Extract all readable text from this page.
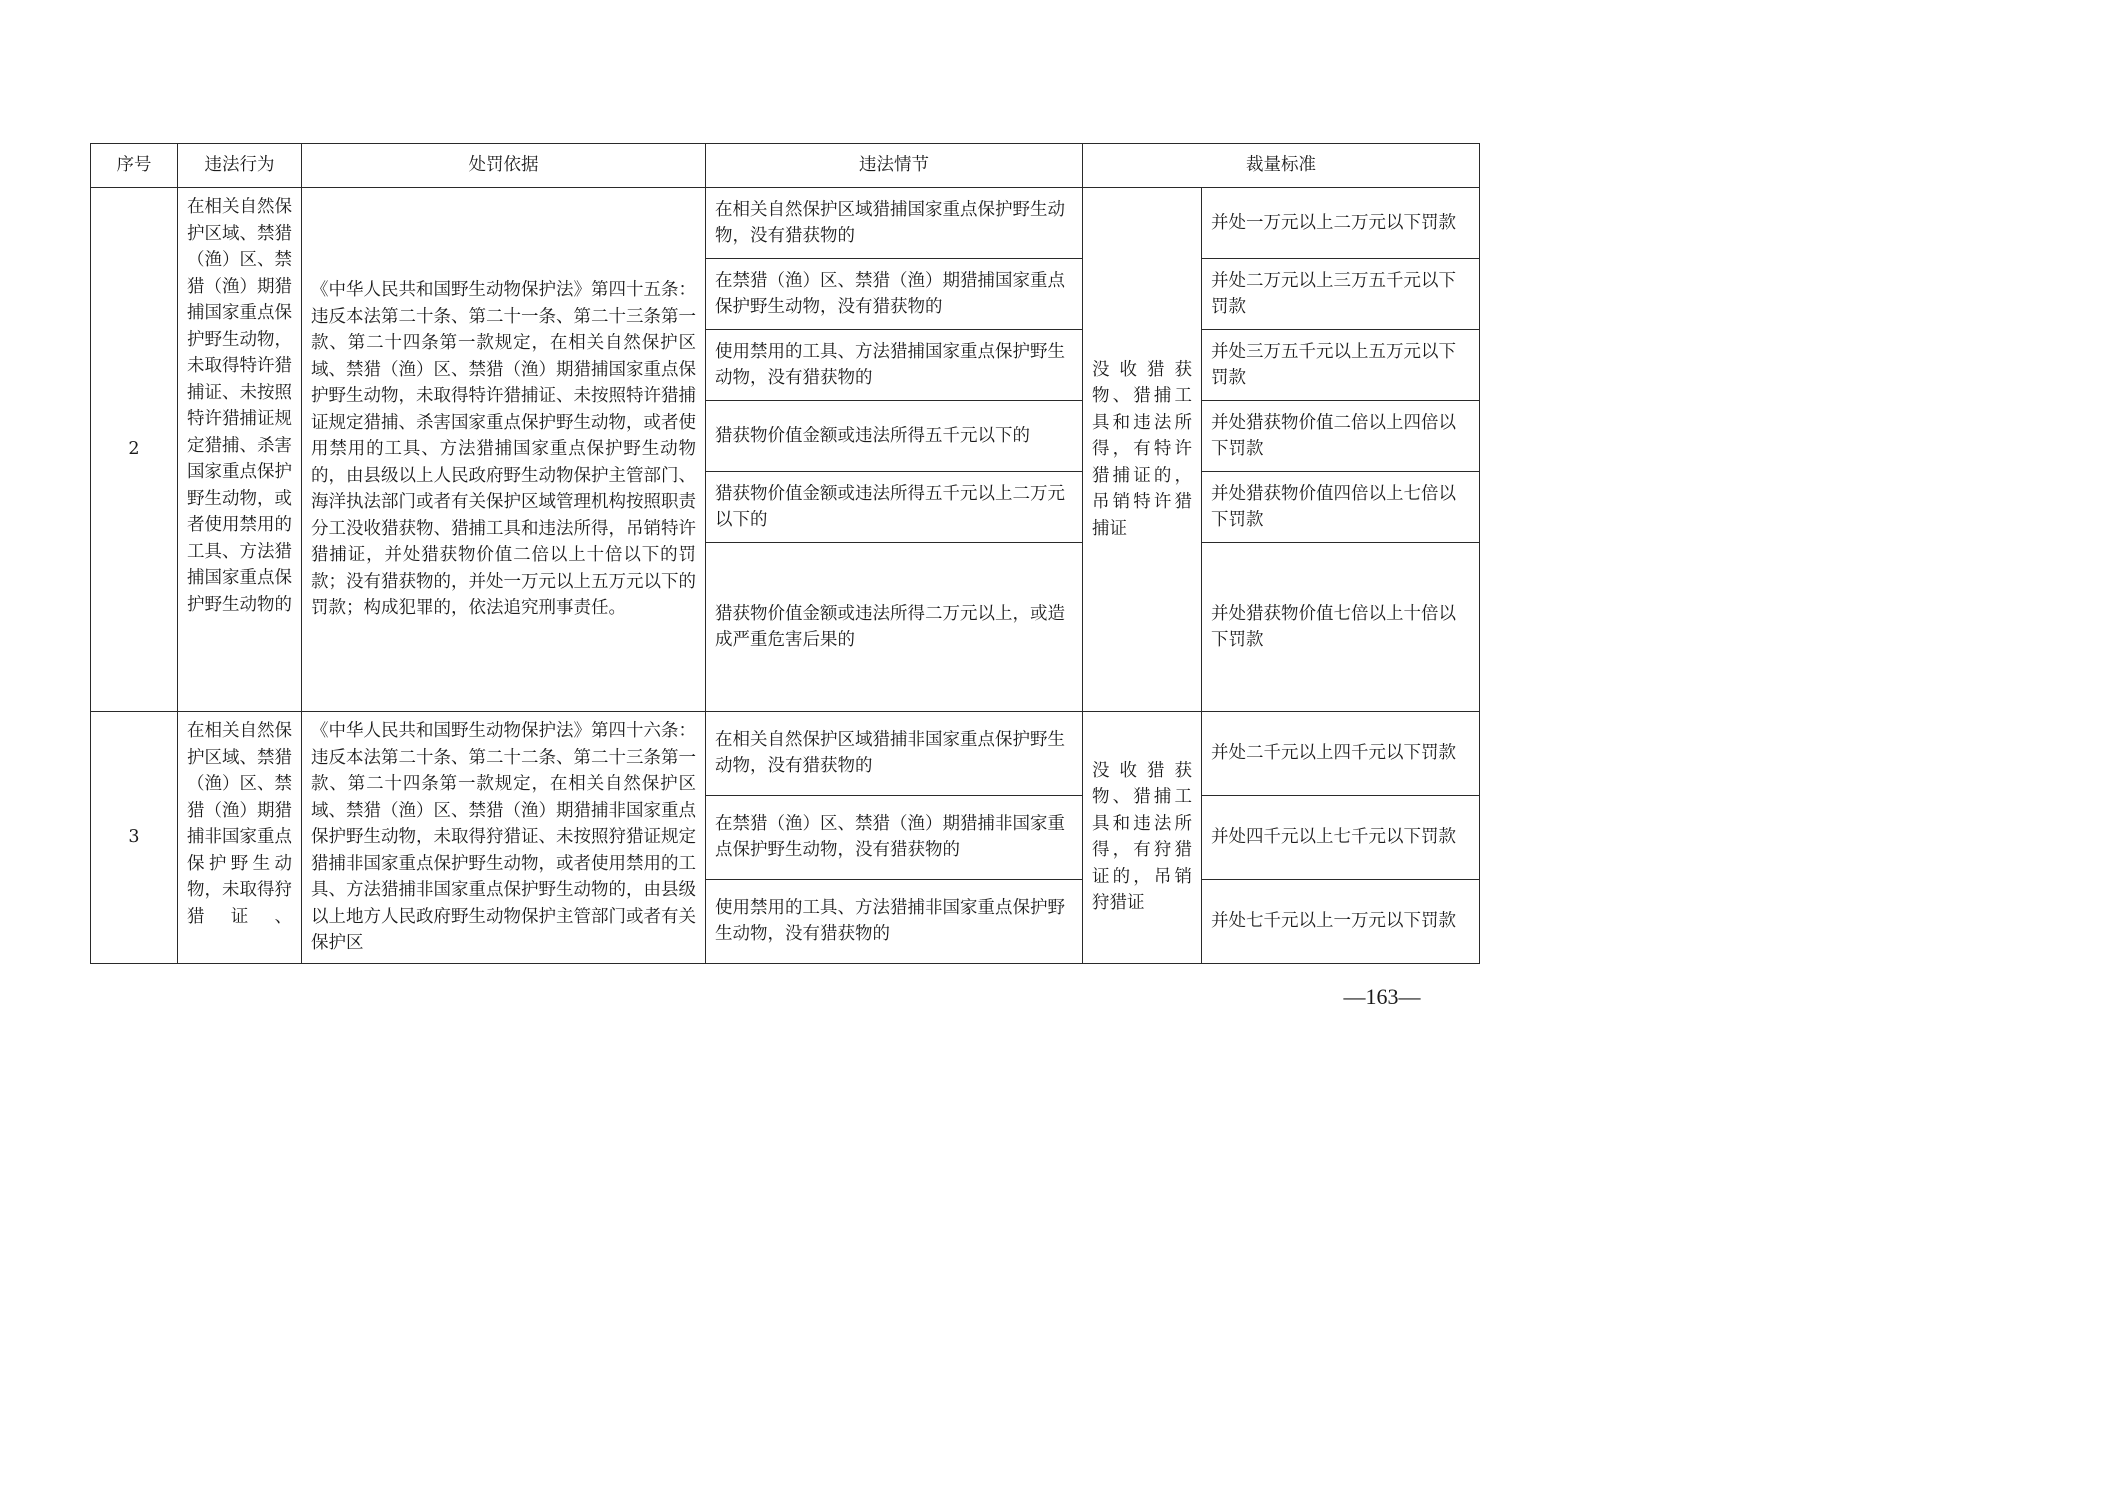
序号	违法行为	处罚依据	违法情节	裁量标准	
2	在相关自然保护区域、禁猎（渔）区、禁猎（渔）期猎捕国家重点保护野生动物，未取得特许猎捕证、未按照特许猎捕证规定猎捕、杀害国家重点保护野生动物，或者使用禁用的工具、方法猎捕国家重点保护野生动物的	《中华人民共和国野生动物保护法》第四十五条：违反本法第二十条、第二十一条、第二十三条第一款、第二十四条第一款规定，在相关自然保护区域、禁猎（渔）区、禁猎（渔）期猎捕国家重点保护野生动物，未取得特许猎捕证、未按照特许猎捕证规定猎捕、杀害国家重点保护野生动物，或者使用禁用的工具、方法猎捕国家重点保护野生动物的，由县级以上人民政府野生动物保护主管部门、海洋执法部门或者有关保护区域管理机构按照职责分工没收猎获物、猎捕工具和违法所得，吊销特许猎捕证，并处猎获物价值二倍以上十倍以下的罚款；没有猎获物的，并处一万元以上五万元以下的罚款；构成犯罪的，依法追究刑事责任。	在相关自然保护区域猎捕国家重点保护野生动物，没有猎获物的	没收猎获物、猎捕工具和违法所得，有特许猎捕证的，吊销特许猎捕证	并处一万元以上二万元以下罚款
			在禁猎（渔）区、禁猎（渔）期猎捕国家重点保护野生动物，没有猎获物的		并处二万元以上三万五千元以下罚款
			使用禁用的工具、方法猎捕国家重点保护野生动物，没有猎获物的		并处三万五千元以上五万元以下罚款
			猎获物价值金额或违法所得五千元以下的		并处猎获物价值二倍以上四倍以下罚款
			猎获物价值金额或违法所得五千元以上二万元以下的		并处猎获物价值四倍以上七倍以下罚款
			猎获物价值金额或违法所得二万元以上，或造成严重危害后果的		并处猎获物价值七倍以上十倍以下罚款
3	在相关自然保护区域、禁猎（渔）区、禁猎（渔）期猎捕非国家重点保护野生动物，未取得狩猎证、	《中华人民共和国野生动物保护法》第四十六条：违反本法第二十条、第二十二条、第二十三条第一款、第二十四条第一款规定，在相关自然保护区域、禁猎（渔）区、禁猎（渔）期猎捕非国家重点保护野生动物，未取得狩猎证、未按照狩猎证规定猎捕非国家重点保护野生动物，或者使用禁用的工具、方法猎捕非国家重点保护野生动物的，由县级以上地方人民政府野生动物保护主管部门或者有关保护区	在相关自然保护区域猎捕非国家重点保护野生动物，没有猎获物的	没收猎获物、猎捕工具和违法所得，有狩猎证的，吊销狩猎证	并处二千元以上四千元以下罚款
			在禁猎（渔）区、禁猎（渔）期猎捕非国家重点保护野生动物，没有猎获物的		并处四千元以上七千元以下罚款
			使用禁用的工具、方法猎捕非国家重点保护野生动物，没有猎获物的		并处七千元以上一万元以下罚款
—163—
